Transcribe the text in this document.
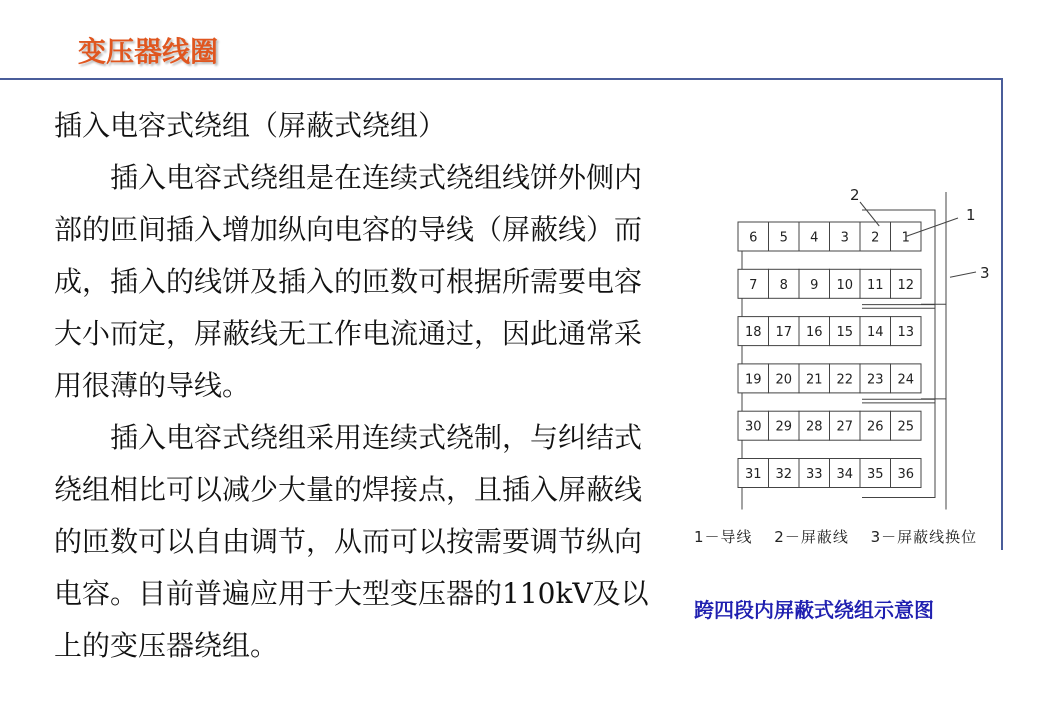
变压器线圈

插入电容式绕组（屏蔽式绕组）

插入电容式绕组是在连续式绕组线饼外侧内部的匝间插入增加纵向电容的导线（屏蔽线）而成，插入的线饼及插入的匝数可根据所需要电容大小而定，屏蔽线无工作电流通过，因此通常采用很薄的导线。

插入电容式绕组采用连续式绕制，与纠结式绕组相比可以减少大量的焊接点，且插入屏蔽线的匝数可以自由调节，从而可以按需要调节纵向电容。目前普遍应用于大型变压器的110kV及以上的变压器绕组。

6 5 4 3 2 1
7 8 9 10 11 12
18 17 16 15 14 13
19 20 21 22 23 24
30 29 28 27 26 25
31 32 33 34 35 36
1
2
3
1－导线　 2－屏蔽线　 3－屏蔽线换位
跨四段内屏蔽式绕组示意图
